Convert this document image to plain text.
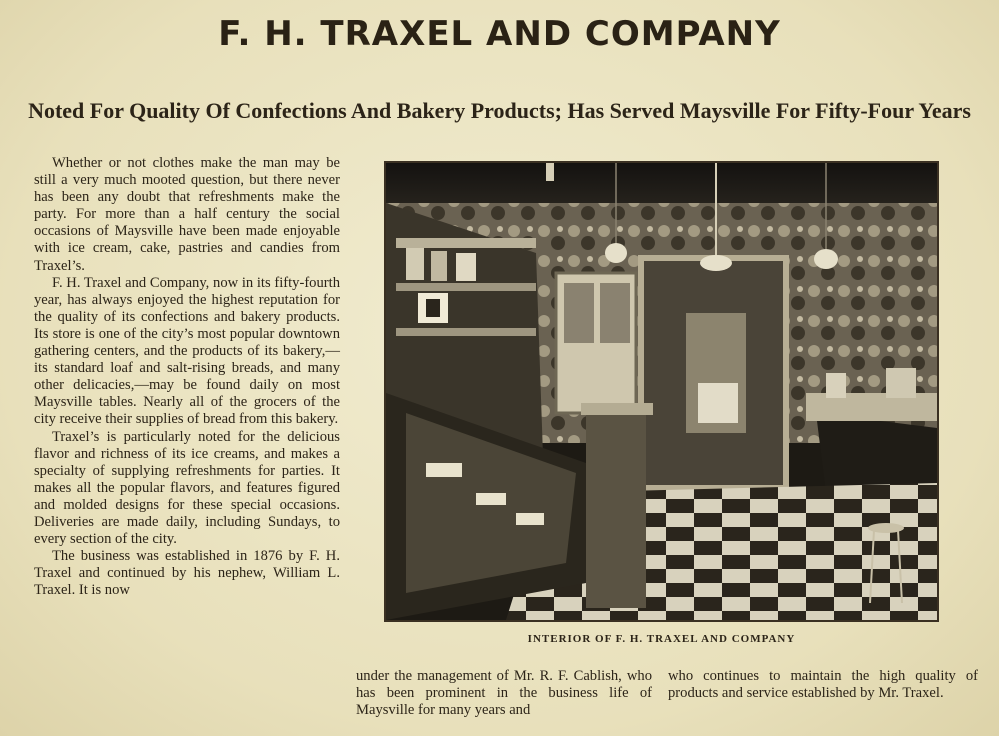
F. H. TRAXEL AND COMPANY
Noted For Quality Of Confections And Bakery Products; Has Served Maysville For Fifty-Four Years

Whether or not clothes make the man may be still a very much mooted question, but there never has been any doubt that refreshments make the party. For more than a half century the social occasions of Maysville have been made enjoyable with ice cream, cake, pastries and candies from Traxel’s.

F. H. Traxel and Company, now in its fifty-fourth year, has always enjoyed the highest reputation for the quality of its confections and bakery products. Its store is one of the city’s most popular downtown gathering centers, and the products of its bakery,—its standard loaf and salt-rising breads, and many other delicacies,—may be found daily on most Maysville tables. Nearly all of the grocers of the city receive their supplies of bread from this bakery.

Traxel’s is particularly noted for the delicious flavor and richness of its ice creams, and makes a specialty of supplying refreshments for parties. It makes all the popular flavors, and features figured and molded designs for these special occasions. Deliveries are made daily, including Sundays, to every section of the city.

The business was established in 1876 by F. H. Traxel and continued by his nephew, William L. Traxel. It is now

INTERIOR OF F. H. TRAXEL AND COMPANY

under the management of Mr. R. F. Cablish, who has been prominent in the business life of Maysville for many years and

who continues to maintain the high quality of products and service established by Mr. Traxel.
